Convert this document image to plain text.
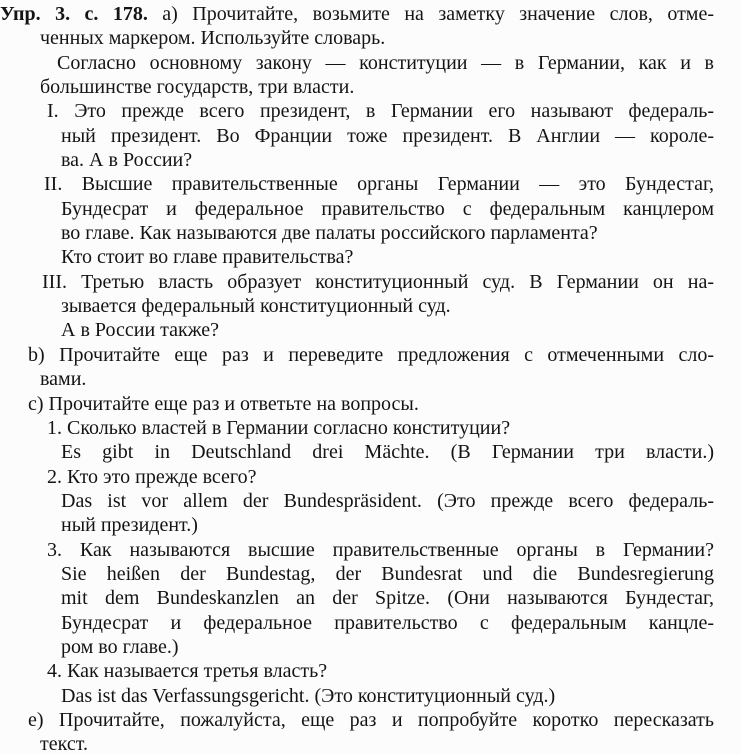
Упр. 3. с. 178. а) Прочитайте, возьмите на заметку значение слов, отме-
ченных маркером. Используйте словарь.
Согласно основному закону — конституции — в Германии, как и в
большинстве государств, три власти.
I. Это прежде всего президент, в Германии его называют федераль-
ный президент. Во Франции тоже президент. В Англии — короле-
ва. А в России?
II. Высшие правительственные органы Германии — это Бундестаг,
Бундесрат и федеральное правительство с федеральным канцлером
во главе. Как называются две палаты российского парламента?
Кто стоит во главе правительства?
III. Третью власть образует конституционный суд. В Германии он на-
зывается федеральный конституционный суд.
А в России также?
b) Прочитайте еще раз и переведите предложения с отмеченными сло-
вами.
c) Прочитайте еще раз и ответьте на вопросы.
1. Сколько властей в Германии согласно конституции?
Es gibt in Deutschland drei Mächte. (В Германии три власти.)
2. Кто это прежде всего?
Das ist vor allem der Bundespräsident. (Это прежде всего федераль-
ный президент.)
3. Как называются высшие правительственные органы в Германии?
Sie heißen der Bundestag, der Bundesrat und die Bundesregierung
mit dem Bundeskanzlen an der Spitze. (Они называются Бундестаг,
Бундесрат и федеральное правительство с федеральным канцле-
ром во главе.)
4. Как называется третья власть?
Das ist das Verfassungsgericht. (Это конституционный суд.)
e) Прочитайте, пожалуйста, еще раз и попробуйте коротко пересказать
текст.
